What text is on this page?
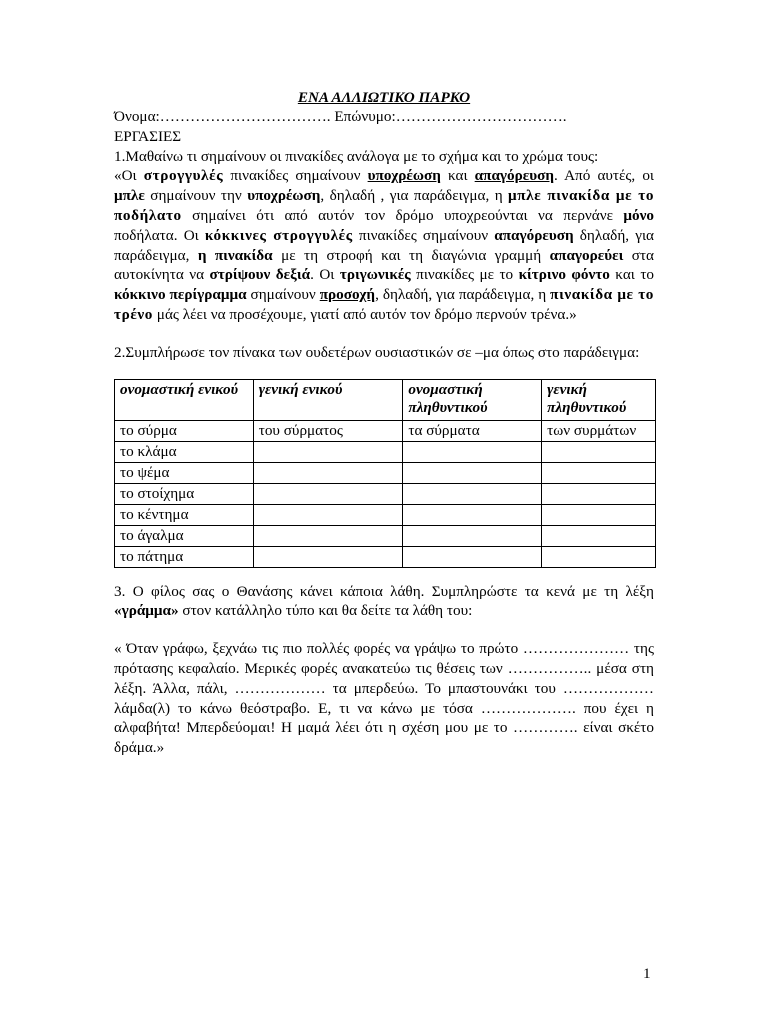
ΕΝΑ ΑΛΛΙΩΤΙΚΟ ΠΑΡΚΟ
Όνομα:……………………………. Επώνυμο:…………………………….
ΕΡΓΑΣΙΕΣ
1.Μαθαίνω τι σημαίνουν οι πινακίδες ανάλογα με το σχήμα και το χρώμα τους:
«Οι στρογγυλές πινακίδες σημαίνουν υποχρέωση και απαγόρευση. Από αυτές, οι μπλε σημαίνουν την υποχρέωση, δηλαδή , για παράδειγμα, η μπλε πινακίδα με το ποδήλατο σημαίνει ότι από αυτόν τον δρόμο υποχρεούνται να περνάνε μόνο ποδήλατα. Οι κόκκινες στρογγυλές πινακίδες σημαίνουν απαγόρευση δηλαδή, για παράδειγμα, η πινακίδα με τη στροφή και τη διαγώνια γραμμή απαγορεύει στα αυτοκίνητα να στρίψουν δεξιά. Οι τριγωνικές πινακίδες με το κίτρινο φόντο και το κόκκινο περίγραμμα σημαίνουν προσοχή, δηλαδή, για παράδειγμα, η πινακίδα με το τρένο μάς λέει να προσέχουμε, γιατί από αυτόν τον δρόμο περνούν τρένα.»
2.Συμπλήρωσε τον πίνακα των ουδετέρων ουσιαστικών σε –μα όπως στο παράδειγμα:
ονομαστική ενικού	γενική ενικού	ονομαστική πληθυντικού	γενική πληθυντικού
το σύρμα	του σύρματος	τα σύρματα	των συρμάτων
το κλάμα			
το ψέμα			
το στοίχημα			
το κέντημα			
το άγαλμα			
το πάτημα			
3. Ο φίλος σας ο Θανάσης κάνει κάποια λάθη. Συμπληρώστε τα κενά με τη λέξη «γράμμα» στον κατάλληλο τύπο και θα δείτε τα λάθη του:
« Όταν γράφω, ξεχνάω τις πιο πολλές φορές να γράψω το πρώτο ………………… της πρότασης κεφαλαίο. Μερικές φορές ανακατεύω τις θέσεις των …………….. μέσα στη λέξη. Άλλα, πάλι, ……………… τα μπερδεύω. Το μπαστουνάκι του ……………… λάμδα(λ) το κάνω θεόστραβο. Ε, τι να κάνω με τόσα ………………. που έχει η αλφαβήτα! Μπερδεύομαι! Η μαμά λέει ότι η σχέση μου με το …………. είναι σκέτο δράμα.»
1
